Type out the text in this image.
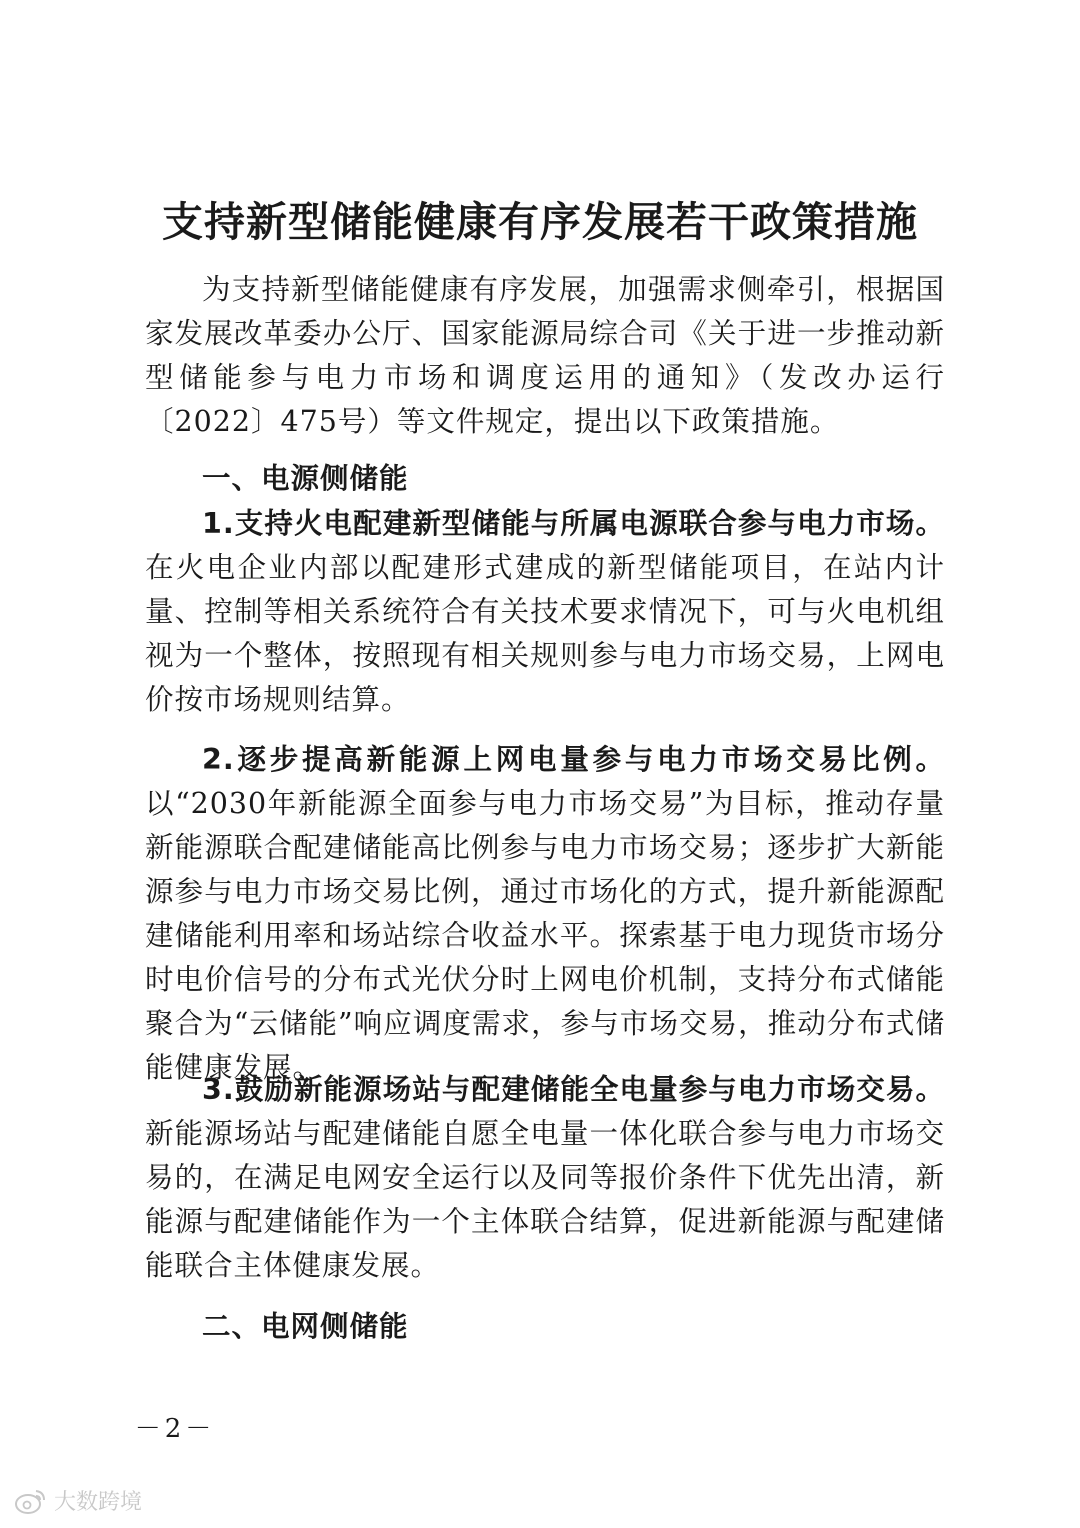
支持新型储能健康有序发展若干政策措施

为支持新型储能健康有序发展，加强需求侧牵引，根据国家发展改革委办公厅、国家能源局综合司《关于进一步推动新型储能参与电力市场和调度运用的通知》（发改办运行〔2022〕475号）等文件规定，提出以下政策措施。

一、电源侧储能

1.支持火电配建新型储能与所属电源联合参与电力市场。在火电企业内部以配建形式建成的新型储能项目，在站内计量、控制等相关系统符合有关技术要求情况下，可与火电机组视为一个整体，按照现有相关规则参与电力市场交易，上网电价按市场规则结算。

2.逐步提高新能源上网电量参与电力市场交易比例。以“2030年新能源全面参与电力市场交易”为目标，推动存量新能源联合配建储能高比例参与电力市场交易；逐步扩大新能源参与电力市场交易比例，通过市场化的方式，提升新能源配建储能利用率和场站综合收益水平。探索基于电力现货市场分时电价信号的分布式光伏分时上网电价机制，支持分布式储能聚合为“云储能”响应调度需求，参与市场交易，推动分布式储能健康发展。

3.鼓励新能源场站与配建储能全电量参与电力市场交易。新能源场站与配建储能自愿全电量一体化联合参与电力市场交易的，在满足电网安全运行以及同等报价条件下优先出清，新能源与配建储能作为一个主体联合结算，促进新能源与配建储能联合主体健康发展。

二、电网侧储能
－2－
大数跨境
